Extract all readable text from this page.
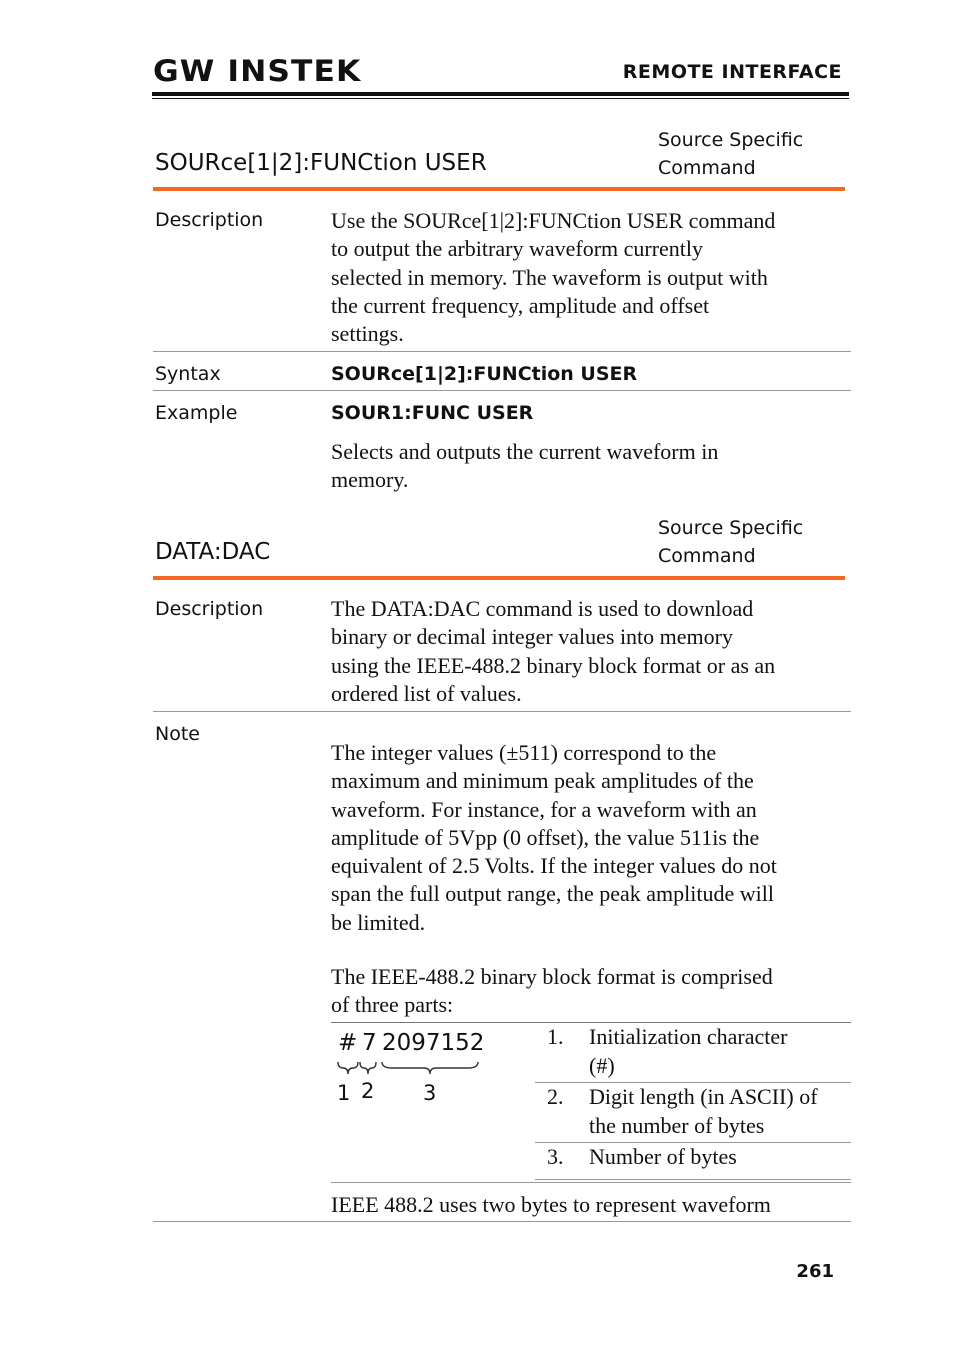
GW INSTEK	REMOTE INTERFACE
SOURce[1|2]:FUNCtion USER
Source Specific
Command
Description	Use the SOURce[1|2]:FUNCtion USER command
to output the arbitrary waveform currently
selected in memory. The waveform is output with
the current frequency, amplitude and offset
settings.
Syntax	SOURce[1|2]:FUNCtion USER
Example	SOUR1:FUNC USER
Selects and outputs the current waveform in
memory.
DATA:DAC
Source Specific
Command
Description	The DATA:DAC command is used to download
binary or decimal integer values into memory
using the IEEE-488.2 binary block format or as an
ordered list of values.
Note
The integer values (±511) correspond to the
maximum and minimum peak amplitudes of the
waveform. For instance, for a waveform with an
amplitude of 5Vpp (0 offset), the value 511is the
equivalent of 2.5 Volts. If the integer values do not
span the full output range, the peak amplitude will
be limited.
The IEEE-488.2 binary block format is comprised
of three parts:
# 7 2097152
1 2 3
1. Initialization character
(#)
2. Digit length (in ASCII) of
the number of bytes
3. Number of bytes
IEEE 488.2 uses two bytes to represent waveform
261
